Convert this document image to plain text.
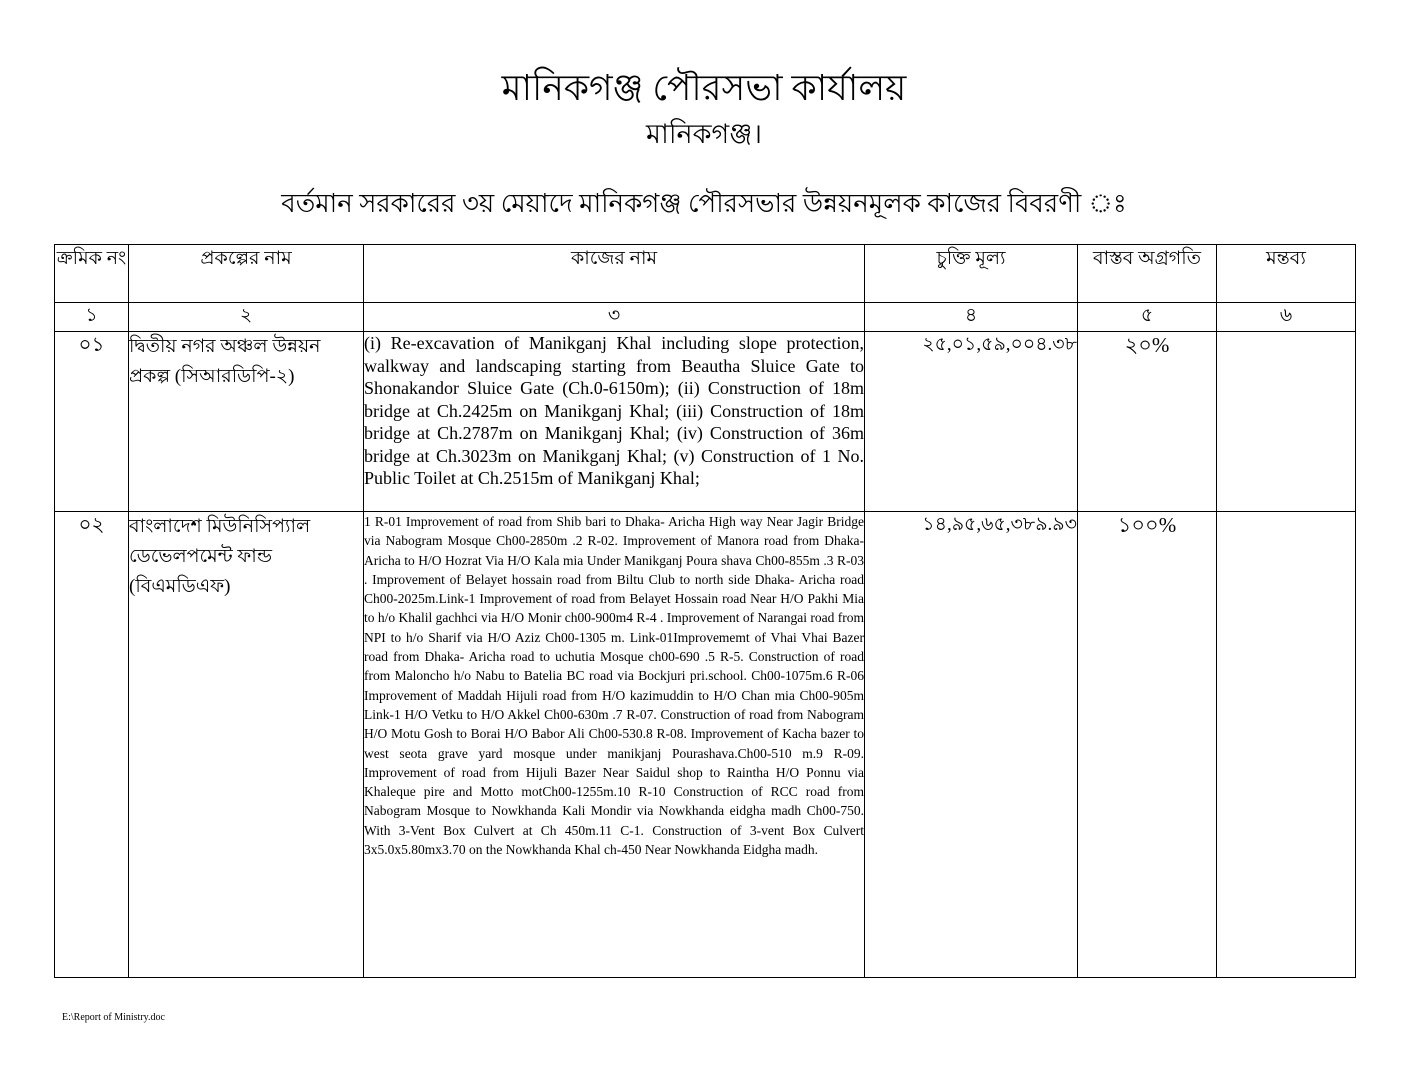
মানিকগঞ্জ পৌরসভা কার্যালয়
মানিকগঞ্জ।
বর্তমান সরকারের ৩য় মেয়াদে মানিকগঞ্জ পৌরসভার উন্নয়নমূলক কাজের বিবরণী ঃ
ক্রমিক নং	প্রকল্পের নাম	কাজের নাম	চুক্তি মূল্য	বাস্তব অগ্রগতি	মন্তব্য
১	২	৩	৪	৫	৬
০১	দ্বিতীয় নগর অঞ্চল উন্নয়ন প্রকল্প (সিআরডিপি-২)	(i) Re-excavation of Manikganj Khal including slope protection, walkway and landscaping starting from Beautha Sluice Gate to Shonakandor Sluice Gate (Ch.0-6150m); (ii) Construction of 18m bridge at Ch.2425m on Manikganj Khal; (iii) Construction of 18m bridge at Ch.2787m on Manikganj Khal; (iv) Construction of 36m bridge at Ch.3023m on Manikganj Khal; (v) Construction of 1 No. Public Toilet at Ch.2515m of Manikganj Khal;	২৫,০১,৫৯,০০৪.৩৮	২০%	
০২	বাংলাদেশ মিউনিসিপ্যাল ডেভেলপমেন্ট ফান্ড (বিএমডিএফ)	1 R-01 Improvement of road from Shib bari to Dhaka- Aricha High way Near Jagir Bridge via Nabogram Mosque Ch00-2850m .2 R-02. Improvement of Manora road from Dhaka- Aricha to H/O Hozrat Via H/O Kala mia Under Manikganj Poura shava Ch00-855m .3 R-03 . Improvement of Belayet hossain road from Biltu Club to north side Dhaka- Aricha road Ch00-2025m.Link-1 Improvement of road from Belayet Hossain road Near H/O Pakhi Mia to h/o Khalil gachhci via H/O Monir ch00-900m4 R-4 . Improvement of Narangai road from NPI to h/o Sharif via H/O Aziz Ch00-1305 m. Link-01Improvememt of Vhai Vhai Bazer road from Dhaka- Aricha road to uchutia Mosque ch00-690 .5 R-5. Construction of road from Maloncho h/o Nabu to Batelia BC road via Bockjuri pri.school. Ch00-1075m.6 R-06 Improvement of Maddah Hijuli road from H/O kazimuddin to H/O Chan mia Ch00-905m Link-1 H/O Vetku to H/O Akkel Ch00-630m .7 R-07. Construction of road from Nabogram H/O Motu Gosh to Borai H/O Babor Ali Ch00-530.8 R-08. Improvement of Kacha bazer to west seota grave yard mosque under manikjanj Pourashava.Ch00-510 m.9 R-09. Improvement of road from Hijuli Bazer Near Saidul shop to Raintha H/O Ponnu via Khaleque pire and Motto motCh00-1255m.10 R-10 Construction of RCC road from Nabogram Mosque to Nowkhanda Kali Mondir via Nowkhanda eidgha madh Ch00-750. With 3-Vent Box Culvert at Ch 450m.11 C-1. Construction of 3-vent Box Culvert 3x5.0x5.80mx3.70 on the Nowkhanda Khal ch-450 Near Nowkhanda Eidgha madh.	১৪,৯৫,৬৫,৩৮৯.৯৩	১০০%	
E:\Report of Ministry.doc
